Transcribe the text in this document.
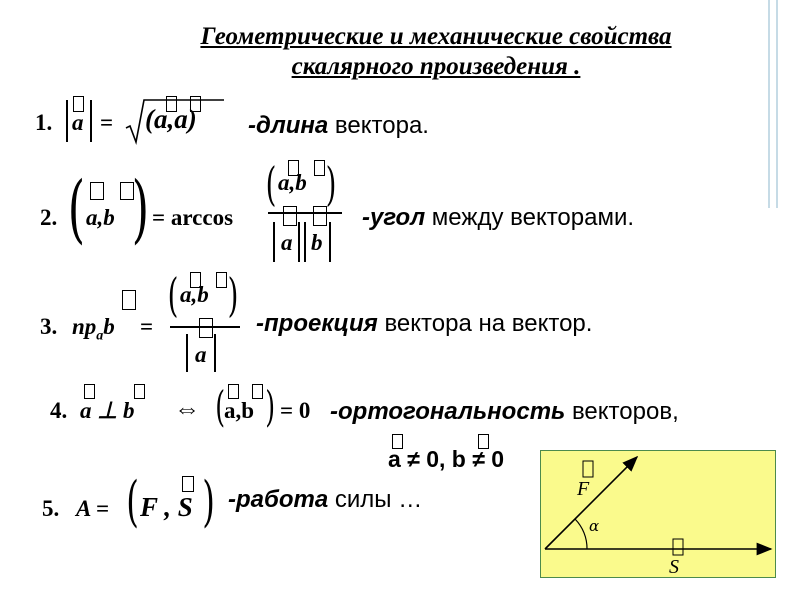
Геометрические и механические свойства
скалярного произведения .
1. a = (a,a) -длина вектора.
2. ( a,b ) = arccos
( a,b )
a b
-угол между векторами.
3. $пр_ab$ =
( a,b )
a
-проекция вектора на вектор.
4. a ⊥ b ⇔ (
a,b ) = 0 -ортогональность векторов,
a ≠ 0, b ≠ 0
5. A = ( F , S ) -работа силы …	F
S
α
